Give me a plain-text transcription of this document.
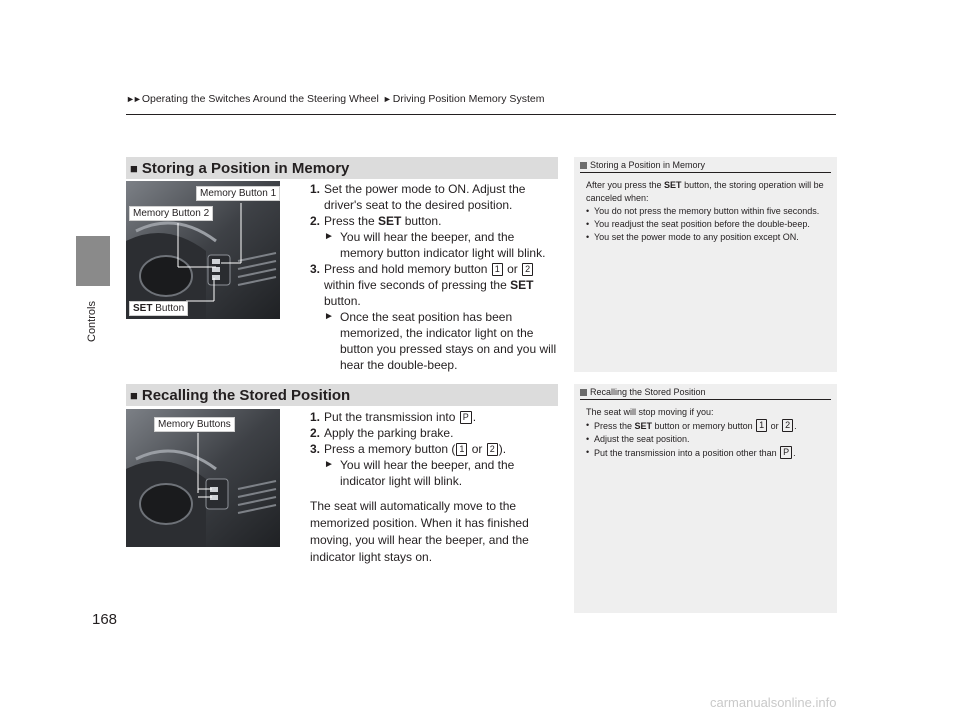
Controls
►► Operating the Switches Around the Steering Wheel ► Driving Position Memory System
■ Storing a Position in Memory
Memory Button 1
Memory Button 2
SET Button
1. Set the power mode to ON. Adjust the driver's seat to the desired position.
2. Press the SET button.
► You will hear the beeper, and the memory button indicator light will blink.
3. Press and hold memory button 1 or 2 within five seconds of pressing the SET button.
► Once the seat position has been memorized, the indicator light on the button you pressed stays on and you will hear the double-beep.
Storing a Position in Memory
After you press the SET button, the storing operation will be canceled when:
• You do not press the memory button within five seconds.
• You readjust the seat position before the double-beep.
• You set the power mode to any position except ON.
■ Recalling the Stored Position
Memory Buttons
1. Put the transmission into P .
2. Apply the parking brake.
3. Press a memory button ( 1 or 2 ).
► You will hear the beeper, and the indicator light will blink.
The seat will automatically move to the memorized position. When it has finished moving, you will hear the beeper, and the indicator light stays on.
Recalling the Stored Position
The seat will stop moving if you:
• Press the SET button or memory button 1 or 2 .
• Adjust the seat position.
• Put the transmission into a position other than P .
168
carmanualsonline.info
